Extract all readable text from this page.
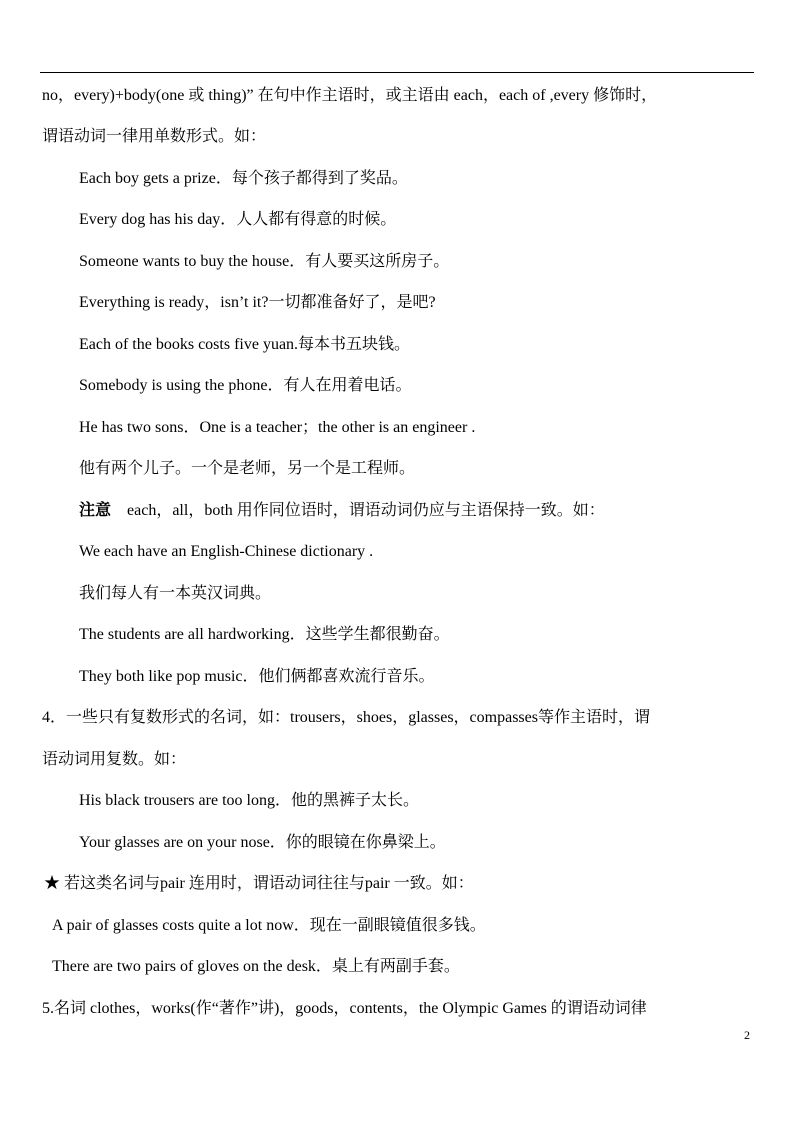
no，every)+body(one 或 thing)” 在句中作主语时，或主语由 each，each of ,every 修饰时，
谓语动词一律用单数形式。如：
Each boy gets a prize．每个孩子都得到了奖品。
Every dog has his day．人人都有得意的时候。
Someone wants to buy the house．有人要买这所房子。
Everything is ready，isn’t it?一切都准备好了，是吧?
Each of the books costs five yuan.每本书五块钱。
Somebody is using the phone．有人在用着电话。
He has two sons．One is a teacher；the other is an engineer .
他有两个儿子。一个是老师，另一个是工程师。
注意 each，all，both 用作同位语时，谓语动词仍应与主语保持一致。如：
We each have an English-Chinese dictionary .
我们每人有一本英汉词典。
The students are all hardworking．这些学生都很勤奋。
They both like pop music．他们俩都喜欢流行音乐。
4．一些只有复数形式的名词，如：trousers，shoes，glasses，compasses等作主语时，谓
语动词用复数。如：
His black trousers are too long．他的黑裤子太长。
Your glasses are on your nose．你的眼镜在你鼻梁上。
★ 若这类名词与pair 连用时，谓语动词往往与pair 一致。如：
A pair of glasses costs quite a lot now．现在一副眼镜值很多钱。
There are two pairs of gloves on the desk．桌上有两副手套。
5.名词 clothes，works(作“著作”讲)，goods，contents，the Olympic Games 的谓语动词律
2
